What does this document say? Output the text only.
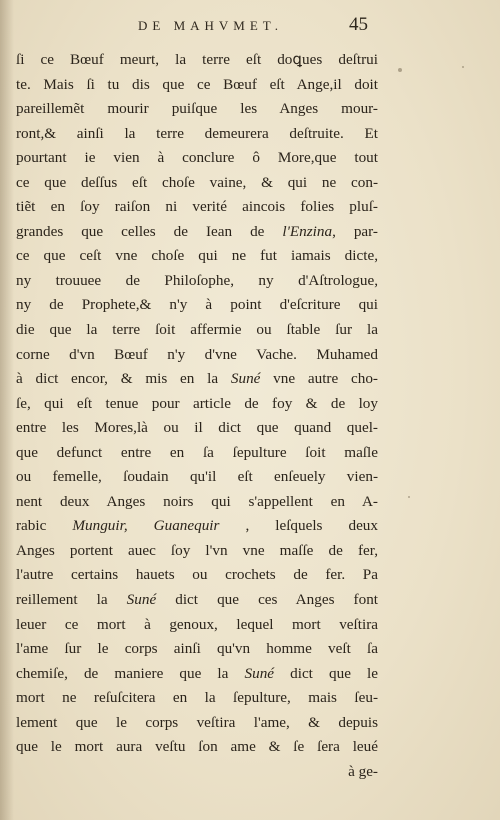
DE MAHVMET.	45
ſi ce Bœuf meurt, la terre eſt doꝗues deſtrui
te. Mais ſi tu dis que ce Bœuf eſt Ange,il doit
pareillemẽt mourir puiſque les Anges mour-
ront,& ainſi la terre demeurera deſtruite. Et
pourtant ie vien à conclure ô More,que tout
ce que deſſus eſt choſe vaine, & qui ne con-
tiẽt en ſoy raiſon ni verité aincois folies pluſ-
grandes que celles de Iean de l'Enzina, par-
ce que ceſt vne choſe qui ne fut iamais dicte,
ny trouuee de Philoſophe, ny d'Aſtrologue,
ny de Prophete,& n'y à point d'eſcriture qui
die que la terre ſoit affermie ou ſtable ſur la
corne d'vn Bœuf n'y d'vne Vache. Muhamed
à dict encor, & mis en la Suné vne autre cho-
ſe, qui eſt tenue pour article de foy & de loy
entre les Mores,là ou il dict que quand quel-
que defunct entre en ſa ſepulture ſoit maſle
ou femelle, ſoudain qu'il eſt enſeuely vien-
nent deux Anges noirs qui s'appellent en A-
rabic Munguir, Guanequir , leſquels deux
Anges portent auec ſoy l'vn vne maſſe de fer,
l'autre certains hauets ou crochets de fer. Pa
reillement la Suné dict que ces Anges font
leuer ce mort à genoux, lequel mort veſtira
l'ame ſur le corps ainſi qu'vn homme veſt ſa
chemiſe, de maniere que la Suné dict que le
mort ne reſuſcitera en la ſepulture, mais ſeu-
lement que le corps veſtira l'ame, & depuis
que le mort aura veſtu ſon ame & ſe ſera leué
à ge-
